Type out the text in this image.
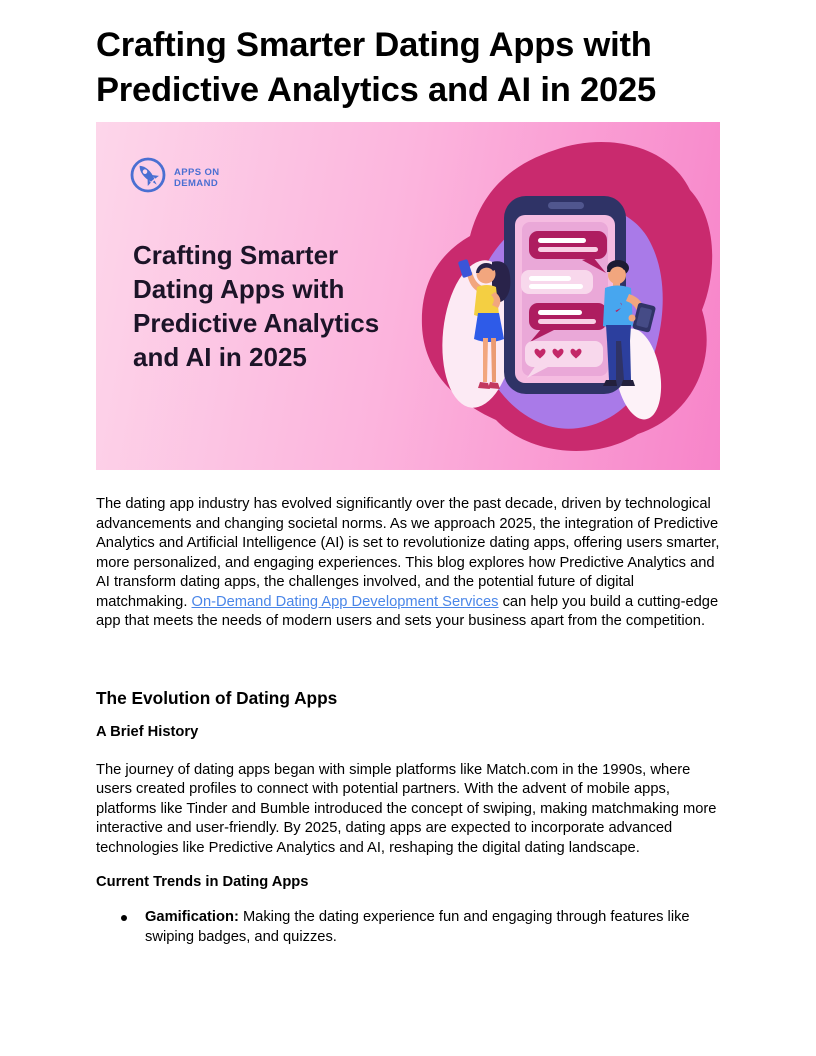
Crafting Smarter Dating Apps with
Predictive Analytics and AI in 2025
APPS ON
DEMAND
Crafting Smarter
Dating Apps with
Predictive Analytics
and AI in 2025

The dating app industry has evolved significantly over the past decade, driven by technological advancements and changing societal norms. As we approach 2025, the integration of Predictive Analytics and Artificial Intelligence (AI) is set to revolutionize dating apps, offering users smarter, more personalized, and engaging experiences. This blog explores how Predictive Analytics and AI transform dating apps, the challenges involved, and the potential future of digital matchmaking. On-Demand Dating App Development Services can help you build a cutting-edge app that meets the needs of modern users and sets your business apart from the competition.

The Evolution of Dating Apps
A Brief History

The journey of dating apps began with simple platforms like Match.com in the 1990s, where users created profiles to connect with potential partners. With the advent of mobile apps, platforms like Tinder and Bumble introduced the concept of swiping, making matchmaking more interactive and user-friendly. By 2025, dating apps are expected to incorporate advanced technologies like Predictive Analytics and AI, reshaping the digital dating landscape.

Current Trends in Dating Apps
Gamification: Making the dating experience fun and engaging through features like swiping badges, and quizzes.
